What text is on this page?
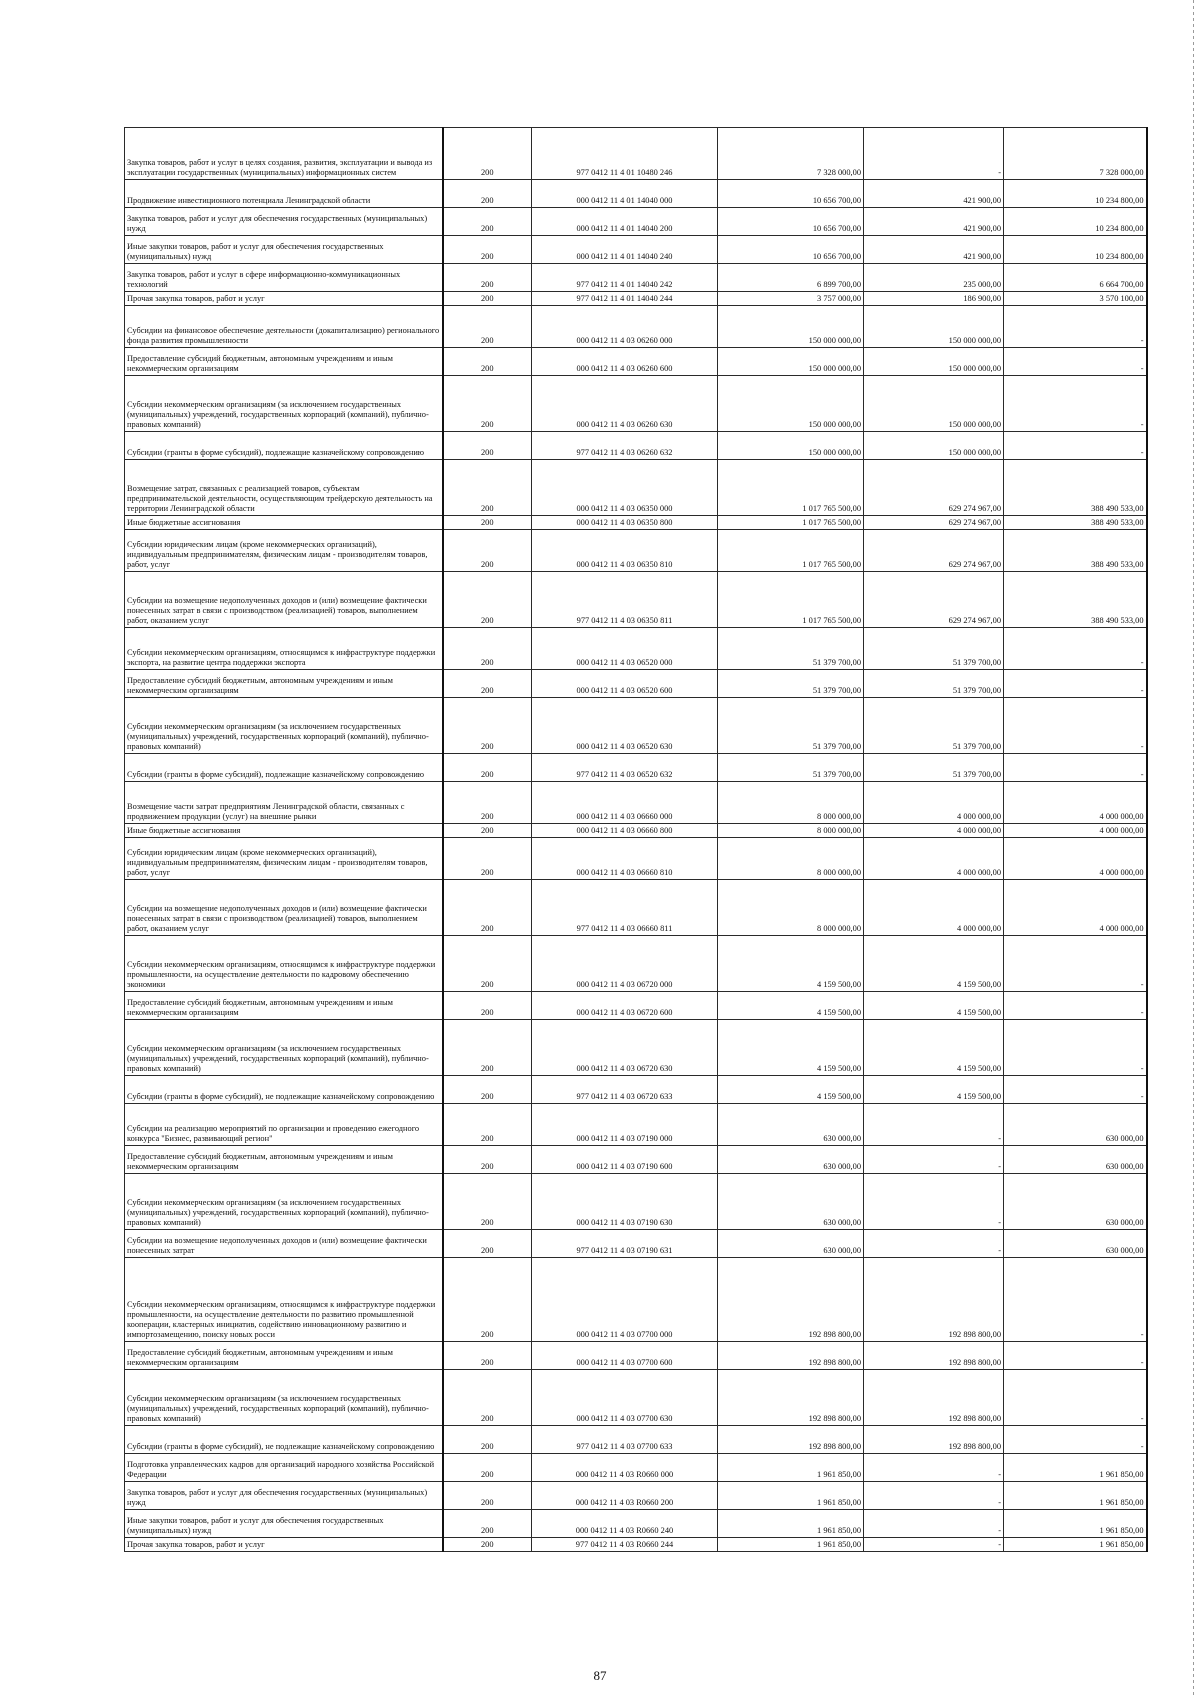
Закупка товаров, работ и услуг в целях создания, развития, эксплуатации и вывода из эксплуатации государственных (муниципальных) информационных систем	200	977 0412 11 4 01 10480 246	7 328 000,00	-	7 328 000,00
Продвижение инвестиционного потенциала Ленинградской области	200	000 0412 11 4 01 14040 000	10 656 700,00	421 900,00	10 234 800,00
Закупка товаров, работ и услуг для обеспечения государственных (муниципальных) нужд	200	000 0412 11 4 01 14040 200	10 656 700,00	421 900,00	10 234 800,00
Иные закупки товаров, работ и услуг для обеспечения государственных (муниципальных) нужд	200	000 0412 11 4 01 14040 240	10 656 700,00	421 900,00	10 234 800,00
Закупка товаров, работ и услуг в сфере информационно-коммуникационных технологий	200	977 0412 11 4 01 14040 242	6 899 700,00	235 000,00	6 664 700,00
Прочая закупка товаров, работ и услуг	200	977 0412 11 4 01 14040 244	3 757 000,00	186 900,00	3 570 100,00
Субсидии на финансовое обеспечение деятельности (докапитализацию) регионального фонда развития промышленности	200	000 0412 11 4 03 06260 000	150 000 000,00	150 000 000,00	-
Предоставление субсидий бюджетным, автономным учреждениям и иным некоммерческим организациям	200	000 0412 11 4 03 06260 600	150 000 000,00	150 000 000,00	-
Субсидии некоммерческим организациям (за исключением государственных (муниципальных) учреждений, государственных корпораций (компаний), публично-правовых компаний)	200	000 0412 11 4 03 06260 630	150 000 000,00	150 000 000,00	-
Субсидии (гранты в форме субсидий), подлежащие казначейскому сопровождению	200	977 0412 11 4 03 06260 632	150 000 000,00	150 000 000,00	-
Возмещение затрат, связанных с реализацией товаров, субъектам предпринимательской деятельности, осуществляющим трейдерскую деятельность на территории Ленинградской области	200	000 0412 11 4 03 06350 000	1 017 765 500,00	629 274 967,00	388 490 533,00
Иные бюджетные ассигнования	200	000 0412 11 4 03 06350 800	1 017 765 500,00	629 274 967,00	388 490 533,00
Субсидии юридическим лицам (кроме некоммерческих организаций), индивидуальным предпринимателям, физическим лицам - производителям товаров, работ, услуг	200	000 0412 11 4 03 06350 810	1 017 765 500,00	629 274 967,00	388 490 533,00
Субсидии на возмещение недополученных доходов и (или) возмещение фактически понесенных затрат в связи с производством (реализацией) товаров, выполнением работ, оказанием услуг	200	977 0412 11 4 03 06350 811	1 017 765 500,00	629 274 967,00	388 490 533,00
Субсидии некоммерческим организациям, относящимся к инфраструктуре поддержки экспорта, на развитие центра поддержки экспорта	200	000 0412 11 4 03 06520 000	51 379 700,00	51 379 700,00	-
Предоставление субсидий бюджетным, автономным учреждениям и иным некоммерческим организациям	200	000 0412 11 4 03 06520 600	51 379 700,00	51 379 700,00	-
Субсидии некоммерческим организациям (за исключением государственных (муниципальных) учреждений, государственных корпораций (компаний), публично-правовых компаний)	200	000 0412 11 4 03 06520 630	51 379 700,00	51 379 700,00	-
Субсидии (гранты в форме субсидий), подлежащие казначейскому сопровождению	200	977 0412 11 4 03 06520 632	51 379 700,00	51 379 700,00	-
Возмещение части затрат предприятиям Ленинградской области, связанных с продвижением продукции (услуг) на внешние рынки	200	000 0412 11 4 03 06660 000	8 000 000,00	4 000 000,00	4 000 000,00
Иные бюджетные ассигнования	200	000 0412 11 4 03 06660 800	8 000 000,00	4 000 000,00	4 000 000,00
Субсидии юридическим лицам (кроме некоммерческих организаций), индивидуальным предпринимателям, физическим лицам - производителям товаров, работ, услуг	200	000 0412 11 4 03 06660 810	8 000 000,00	4 000 000,00	4 000 000,00
Субсидии на возмещение недополученных доходов и (или) возмещение фактически понесенных затрат в связи с производством (реализацией) товаров, выполнением работ, оказанием услуг	200	977 0412 11 4 03 06660 811	8 000 000,00	4 000 000,00	4 000 000,00
Субсидии некоммерческим организациям, относящимся к инфраструктуре поддержки промышленности, на осуществление деятельности по кадровому обеспечению экономики	200	000 0412 11 4 03 06720 000	4 159 500,00	4 159 500,00	-
Предоставление субсидий бюджетным, автономным учреждениям и иным некоммерческим организациям	200	000 0412 11 4 03 06720 600	4 159 500,00	4 159 500,00	-
Субсидии некоммерческим организациям (за исключением государственных (муниципальных) учреждений, государственных корпораций (компаний), публично-правовых компаний)	200	000 0412 11 4 03 06720 630	4 159 500,00	4 159 500,00	-
Субсидии (гранты в форме субсидий), не подлежащие казначейскому сопровождению	200	977 0412 11 4 03 06720 633	4 159 500,00	4 159 500,00	-
Субсидии на реализацию мероприятий по организации и проведению ежегодного конкурса "Бизнес, развивающий регион"	200	000 0412 11 4 03 07190 000	630 000,00	-	630 000,00
Предоставление субсидий бюджетным, автономным учреждениям и иным некоммерческим организациям	200	000 0412 11 4 03 07190 600	630 000,00	-	630 000,00
Субсидии некоммерческим организациям (за исключением государственных (муниципальных) учреждений, государственных корпораций (компаний), публично-правовых компаний)	200	000 0412 11 4 03 07190 630	630 000,00	-	630 000,00
Субсидии на возмещение недополученных доходов и (или) возмещение фактически понесенных затрат	200	977 0412 11 4 03 07190 631	630 000,00	-	630 000,00
Субсидии некоммерческим организациям, относящимся к инфраструктуре поддержки промышленности, на осуществление деятельности по развитию промышленной кооперации, кластерных инициатив, содействию инновационному развитию и импортозамещению, поиску новых росси	200	000 0412 11 4 03 07700 000	192 898 800,00	192 898 800,00	-
Предоставление субсидий бюджетным, автономным учреждениям и иным некоммерческим организациям	200	000 0412 11 4 03 07700 600	192 898 800,00	192 898 800,00	-
Субсидии некоммерческим организациям (за исключением государственных (муниципальных) учреждений, государственных корпораций (компаний), публично-правовых компаний)	200	000 0412 11 4 03 07700 630	192 898 800,00	192 898 800,00	-
Субсидии (гранты в форме субсидий), не подлежащие казначейскому сопровождению	200	977 0412 11 4 03 07700 633	192 898 800,00	192 898 800,00	-
Подготовка управленческих кадров для организаций народного хозяйства Российской Федерации	200	000 0412 11 4 03 R0660 000	1 961 850,00	-	1 961 850,00
Закупка товаров, работ и услуг для обеспечения государственных (муниципальных) нужд	200	000 0412 11 4 03 R0660 200	1 961 850,00	-	1 961 850,00
Иные закупки товаров, работ и услуг для обеспечения государственных (муниципальных) нужд	200	000 0412 11 4 03 R0660 240	1 961 850,00	-	1 961 850,00
Прочая закупка товаров, работ и услуг	200	977 0412 11 4 03 R0660 244	1 961 850,00	-	1 961 850,00
87
